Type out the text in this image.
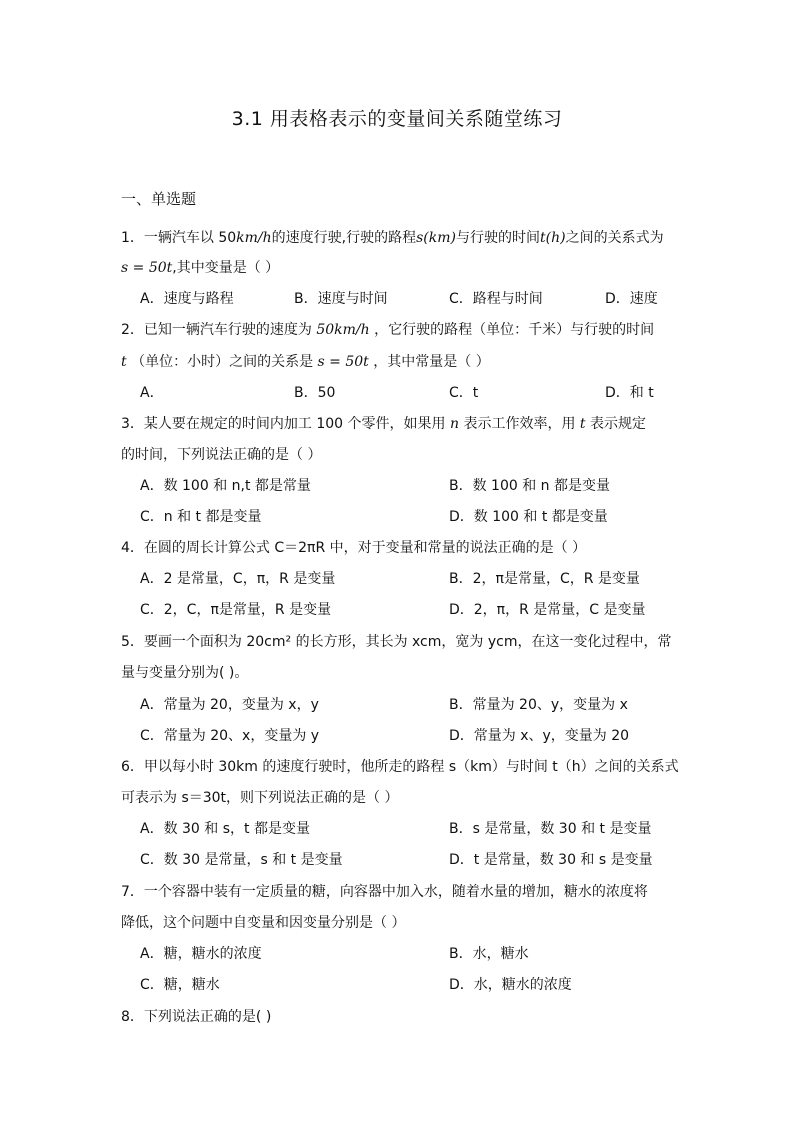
3.1 用表格表示的变量间关系随堂练习
一、单选题
1．一辆汽车以 50km/h的速度行驶,行驶的路程s(km)与行驶的时间t(h)之间的关系式为
s = 50t,其中变量是（ ）
A．速度与路程	B．速度与时间	C．路程与时间	D．速度
2．已知一辆汽车行驶的速度为 50km/h ，它行驶的路程（单位：千米）与行驶的时间
t （单位：小时）之间的关系是 s = 50t ，其中常量是（ ）
A．	B．50	C．t	D．和 t
3．某人要在规定的时间内加工 100 个零件，如果用 n 表示工作效率，用 t 表示规定
的时间，下列说法正确的是（ ）
A．数 100 和 n,t 都是常量	B．数 100 和 n 都是变量
C．n 和 t 都是变量	D．数 100 和 t 都是变量
4．在圆的周长计算公式 C＝2πR 中，对于变量和常量的说法正确的是（ ）
A．2 是常量，C，π，R 是变量	B．2，π是常量，C，R 是变量
C．2，C，π是常量，R 是变量	D．2，π，R 是常量，C 是变量
5．要画一个面积为 20cm² 的长方形，其长为 xcm，宽为 ycm，在这一变化过程中，常
量与变量分别为( )。
A．常量为 20，变量为 x，y	B．常量为 20、y，变量为 x
C．常量为 20、x，变量为 y	D．常量为 x、y，变量为 20
6．甲以每小时 30km 的速度行驶时，他所走的路程 s（km）与时间 t（h）之间的关系式
可表示为 s＝30t，则下列说法正确的是（ ）
A．数 30 和 s，t 都是变量	B．s 是常量，数 30 和 t 是变量
C．数 30 是常量，s 和 t 是变量	D．t 是常量，数 30 和 s 是变量
7．一个容器中装有一定质量的糖，向容器中加入水，随着水量的增加，糖水的浓度将
降低，这个问题中自变量和因变量分别是（ ）
A．糖，糖水的浓度	B．水，糖水
C．糖，糖水	D．水，糖水的浓度
8．下列说法正确的是( )
